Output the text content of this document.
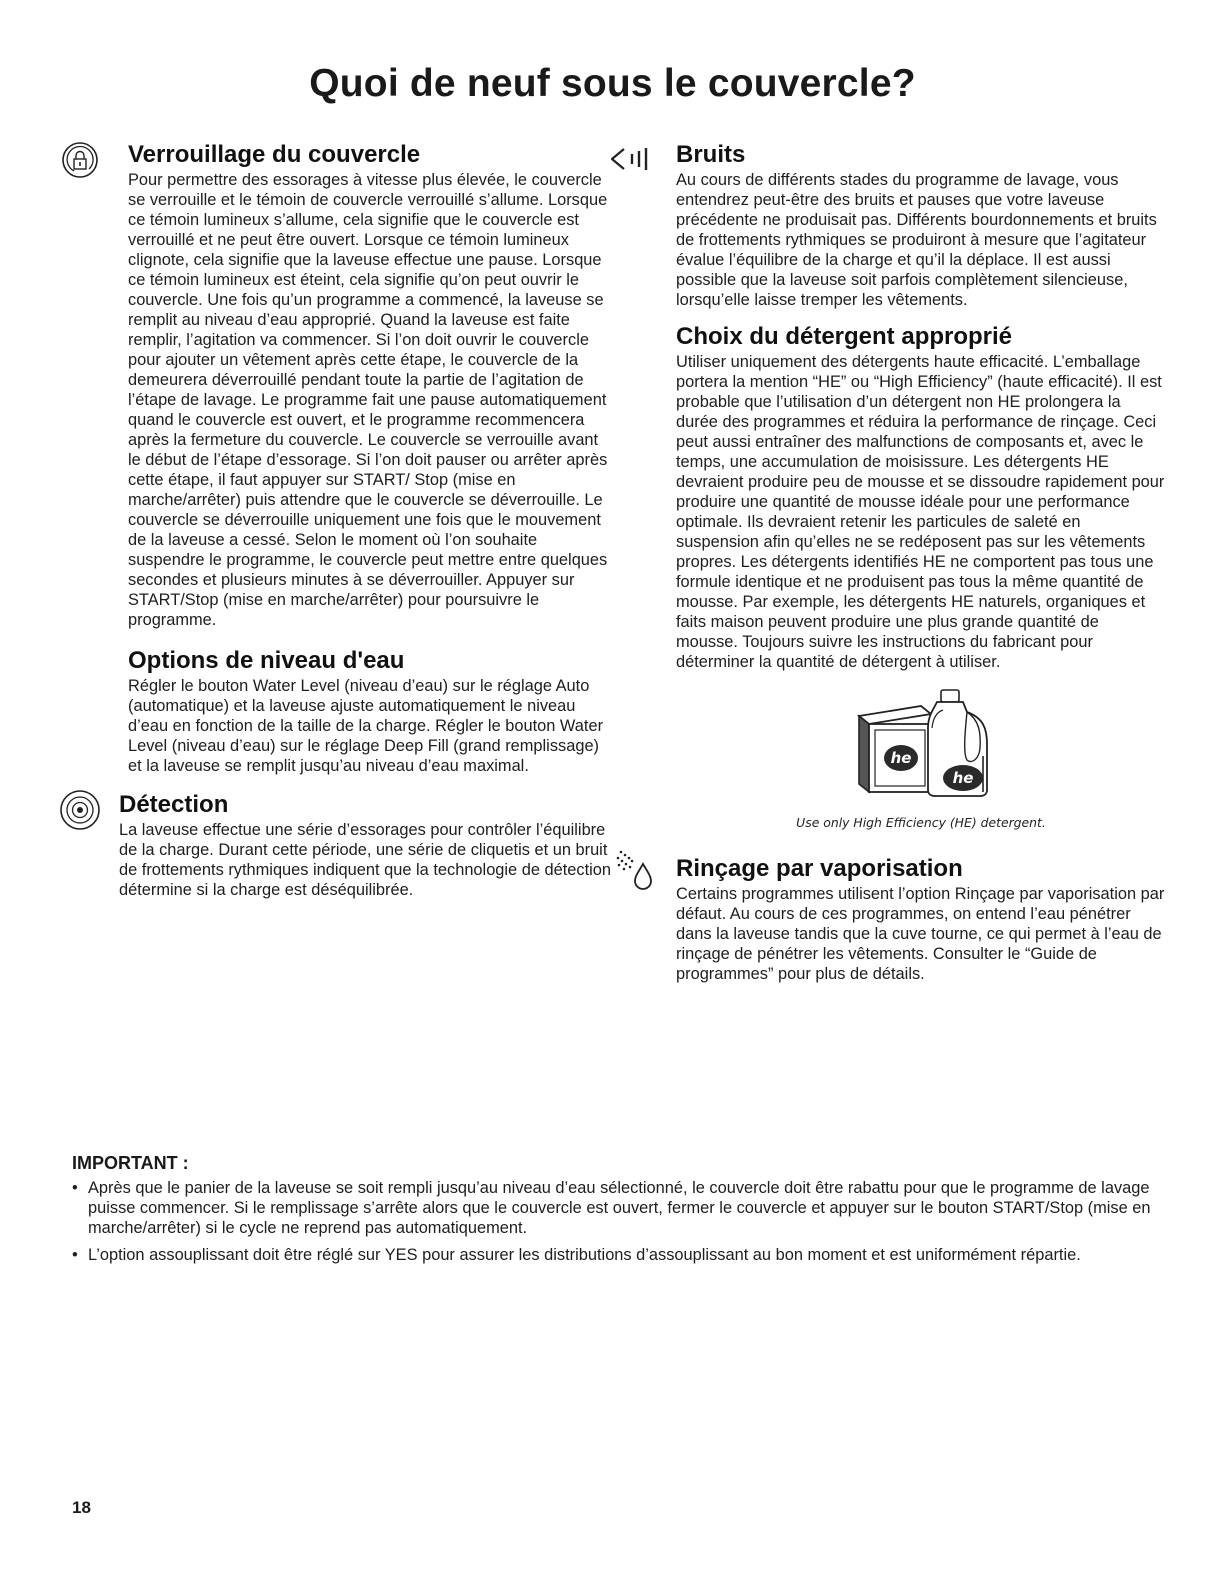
Quoi de neuf sous le couvercle?
Verrouillage du couvercle

Pour permettre des essorages à vitesse plus élevée, le couvercle se verrouille et le témoin de couvercle verrouillé s’allume. Lorsque ce témoin lumineux s’allume, cela signifie que le couvercle est verrouillé et ne peut être ouvert. Lorsque ce témoin lumineux clignote, cela signifie que la laveuse effectue une pause. Lorsque ce témoin lumineux est éteint, cela signifie qu’on peut ouvrir le couvercle. Une fois qu’un programme a commencé, la laveuse se remplit au niveau d’eau approprié. Quand la laveuse est faite remplir, l’agitation va commencer. Si l’on doit ouvrir le couvercle pour ajouter un vêtement après cette étape, le couvercle de la demeurera déverrouillé pendant toute la partie de l’agitation de l’étape de lavage. Le programme fait une pause automatiquement quand le couvercle est ouvert, et le programme recommencera après la fermeture du couvercle. Le couvercle se verrouille avant le début de l’étape d’essorage. Si l’on doit pauser ou arrêter après cette étape, il faut appuyer sur START/ Stop (mise en marche/arrêter) puis attendre que le couvercle se déverrouille. Le couvercle se déverrouille uniquement une fois que le mouvement de la laveuse a cessé. Selon le moment où l’on souhaite suspendre le programme, le couvercle peut mettre entre quelques secondes et plusieurs minutes à se déverrouiller. Appuyer sur START/Stop (mise en marche/arrêter) pour poursuivre le programme.

Options de niveau d'eau

Régler le bouton Water Level (niveau d’eau) sur le réglage Auto (automatique) et la laveuse ajuste automatiquement le niveau d’eau en fonction de la taille de la charge. Régler le bouton Water Level (niveau d’eau) sur le réglage Deep Fill (grand remplissage) et la laveuse se remplit jusqu’au niveau d’eau maximal.

Détection

La laveuse effectue une série d’essorages pour contrôler l’équilibre de la charge. Durant cette période, une série de cliquetis et un bruit de frottements rythmiques indiquent que la technologie de détection détermine si la charge est déséquilibrée.

Bruits

Au cours de différents stades du programme de lavage, vous entendrez peut-être des bruits et pauses que votre laveuse précédente ne produisait pas. Différents bourdonnements et bruits de frottements rythmiques se produiront à mesure que l’agitateur évalue l’équilibre de la charge et qu’il la déplace. Il est aussi possible que la laveuse soit parfois complètement silencieuse, lorsqu’elle laisse tremper les vêtements.

Choix du détergent approprié

Utiliser uniquement des détergents haute efficacité. L’emballage portera la mention “HE” ou “High Efficiency” (haute efficacité). Il est probable que l’utilisation d’un détergent non HE prolongera la durée des programmes et réduira la performance de rinçage. Ceci peut aussi entraîner des malfunctions de composants et, avec le temps, une accumulation de moisissure. Les détergents HE devraient produire peu de mousse et se dissoudre rapidement pour produire une quantité de mousse idéale pour une performance optimale. Ils devraient retenir les particules de saleté en suspension afin qu’elles ne se redéposent pas sur les vêtements propres. Les détergents identifiés HE ne comportent pas tous une formule identique et ne produisent pas tous la même quantité de mousse. Par exemple, les détergents HE naturels, organiques et faits maison peuvent produire une plus grande quantité de mousse. Toujours suivre les instructions du fabricant pour déterminer la quantité de détergent à utiliser.

he
he
Use only High Efficiency (HE) detergent.
Rinçage par vaporisation

Certains programmes utilisent l’option Rinçage par vaporisation par défaut. Au cours de ces programmes, on entend l’eau pénétrer dans la laveuse tandis que la cuve tourne, ce qui permet à l’eau de rinçage de pénétrer les vêtements. Consulter le “Guide de programmes” pour plus de détails.

IMPORTANT :
• Après que le panier de la laveuse se soit rempli jusqu’au niveau d’eau sélectionné, le couvercle doit être rabattu pour que le programme de lavage puisse commencer. Si le remplissage s’arrête alors que le couvercle est ouvert, fermer le couvercle et appuyer sur le bouton START/Stop (mise en marche/arrêter) si le cycle ne reprend pas automatiquement.
• L’option assouplissant doit être réglé sur YES pour assurer les distributions d’assouplissant au bon moment et est uniformément répartie.
18
